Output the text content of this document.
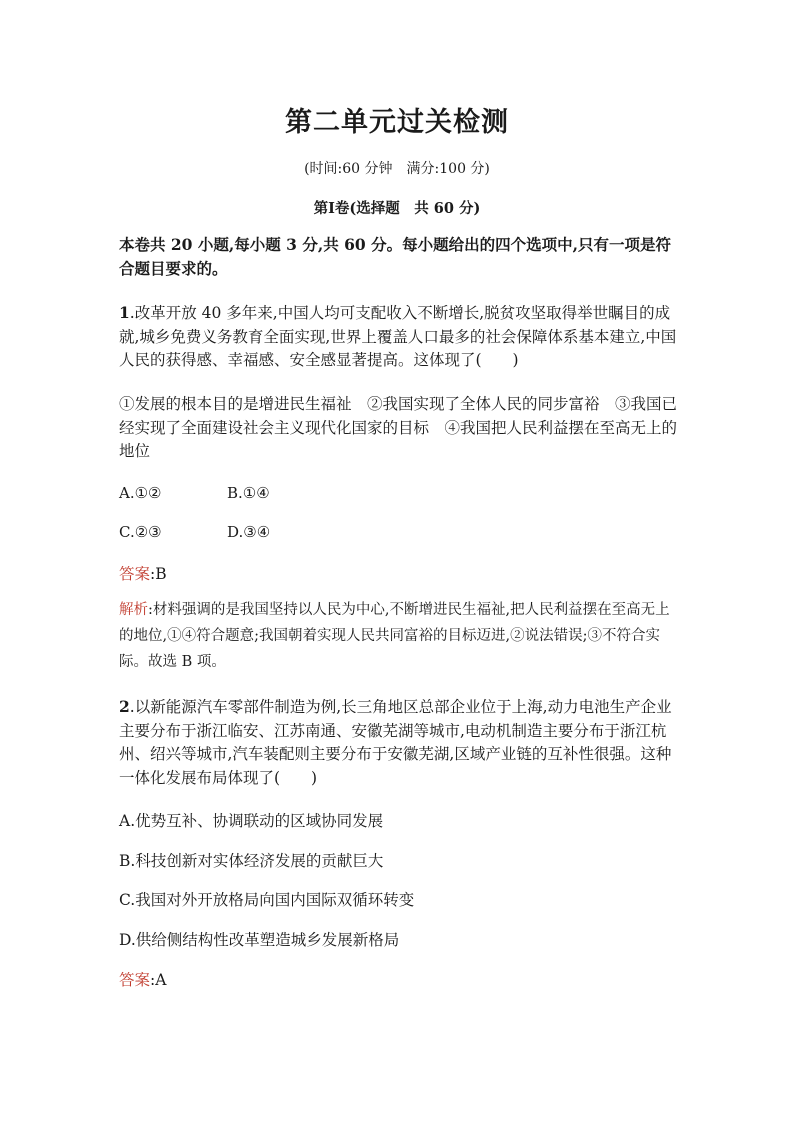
第二单元过关检测
(时间:60 分钟　满分:100 分)
第Ⅰ卷(选择题　共 60 分)
本卷共 20 小题,每小题 3 分,共 60 分。每小题给出的四个选项中,只有一项是符合题目要求的。
1.改革开放 40 多年来,中国人均可支配收入不断增长,脱贫攻坚取得举世瞩目的成就,城乡免费义务教育全面实现,世界上覆盖人口最多的社会保障体系基本建立,中国人民的获得感、幸福感、安全感显著提高。这体现了(　　)
①发展的根本目的是增进民生福祉　②我国实现了全体人民的同步富裕　③我国已经实现了全面建设社会主义现代化国家的目标　④我国把人民利益摆在至高无上的地位
A.①②	B.①④
C.②③	D.③④
答案:B
解析:材料强调的是我国坚持以人民为中心,不断增进民生福祉,把人民利益摆在至高无上的地位,①④符合题意;我国朝着实现人民共同富裕的目标迈进,②说法错误;③不符合实际。故选 B 项。
2.以新能源汽车零部件制造为例,长三角地区总部企业位于上海,动力电池生产企业主要分布于浙江临安、江苏南通、安徽芜湖等城市,电动机制造主要分布于浙江杭州、绍兴等城市,汽车装配则主要分布于安徽芜湖,区域产业链的互补性很强。这种一体化发展布局体现了(　　)
A.优势互补、协调联动的区域协同发展
B.科技创新对实体经济发展的贡献巨大
C.我国对外开放格局向国内国际双循环转变
D.供给侧结构性改革塑造城乡发展新格局
答案:A
